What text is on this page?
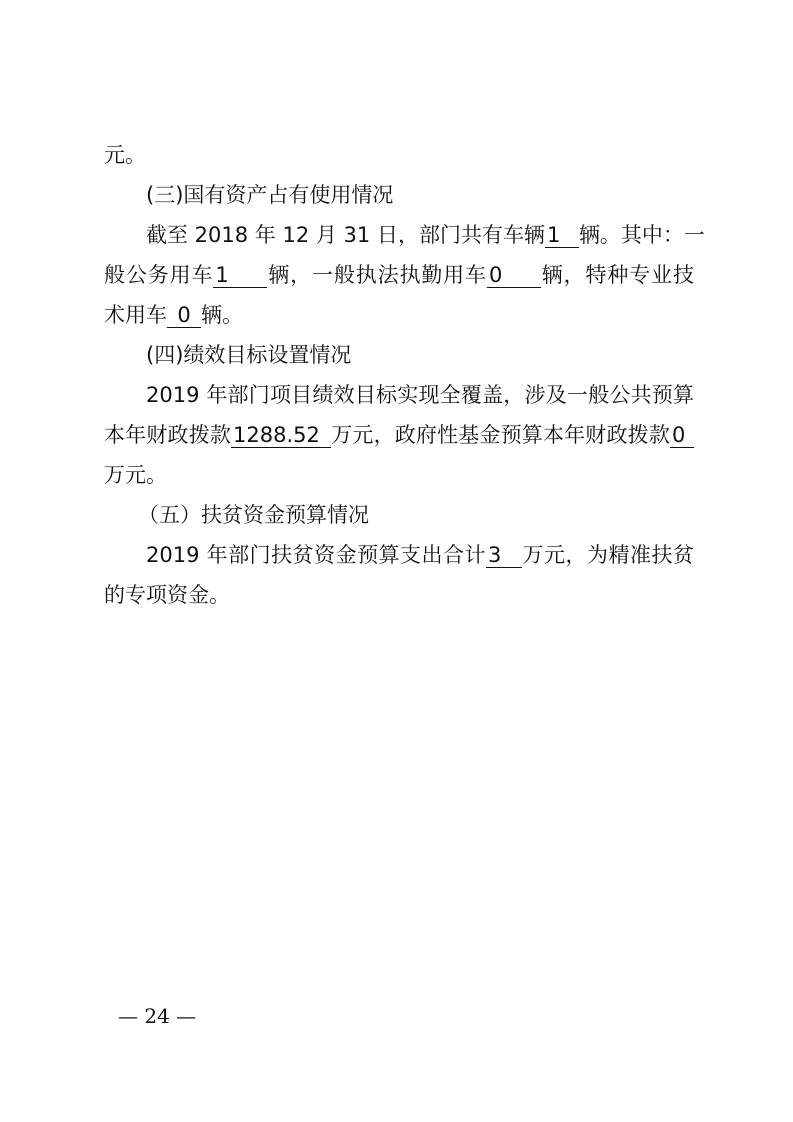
元。
(三)国有资产占有使用情况
截至 2018 年 12 月 31 日，部门共有车辆1 辆。其中：一
般公务用车1 辆，一般执法执勤用车0 辆，特种专业技
术用车 0 辆。
(四)绩效目标设置情况
2019 年部门项目绩效目标实现全覆盖，涉及一般公共预算
本年财政拨款1288.52 万元，政府性基金预算本年财政拨款0
万元。
（五）扶贫资金预算情况
2019 年部门扶贫资金预算支出合计3 万元，为精准扶贫
的专项资金。
— 24 —
